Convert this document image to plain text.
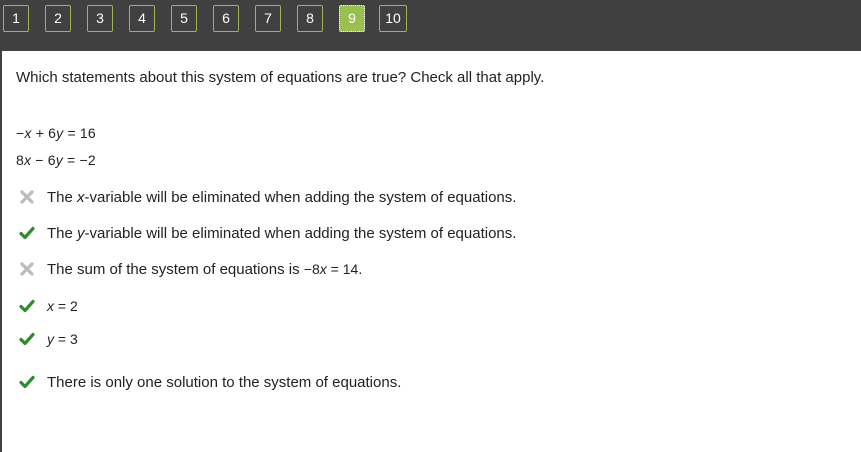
1	2	3	4	5	6	7	8	9	10
Which statements about this system of equations are true? Check all that apply.
−x + 6y = 16
8x − 6y = −2
The x-variable will be eliminated when adding the system of equations.
The y-variable will be eliminated when adding the system of equations.
The sum of the system of equations is −8x = 14.
x = 2
y = 3
There is only one solution to the system of equations.
